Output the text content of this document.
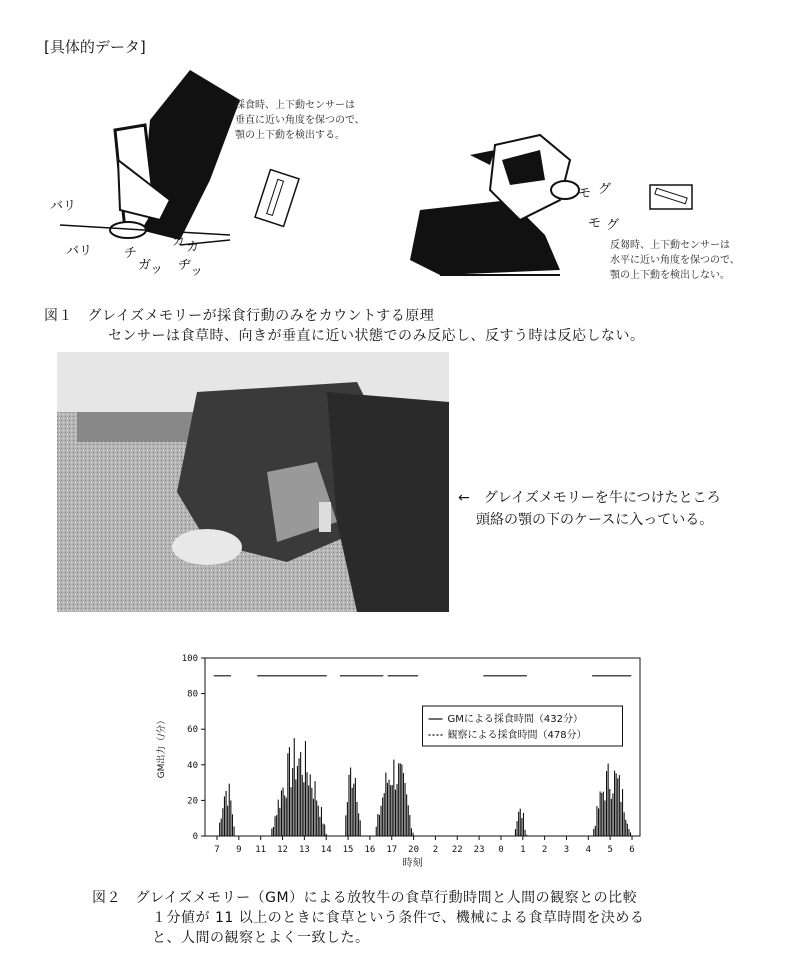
[具体的データ]
採食時、上下動センサーは
垂直に近い角度を保つので、
顎の上下動を検出する。
反芻時、上下動センサーは
水平に近い角度を保つので、
顎の上下動を検出しない。
バリ
バリ
カ カ
チ
ガ
ッ ヂ
ッ
モ グ
モ グ
図１　グレイズメモリーが採食行動のみをカウントする原理
センサーは食草時、向きが垂直に近い状態でのみ反応し、反すう時は反応しない。
←　グレイズメモリーを牛につけたところ
頭絡の顎の下のケースに入っている。
100
80
60
40
20
0
GM出力（/分）
7 9 11 12 13 14 15 16 17 20 2 22 23 0 1 2 3 4 5 6
時刻
GMによる採食時間（432分）
観察による採食時間（478分）
図２　グレイズメモリー（GM）による放牧牛の食草行動時間と人間の観察との比較
１分値が 11 以上のときに食草という条件で、機械による食草時間を決める
と、人間の観察とよく一致した。
